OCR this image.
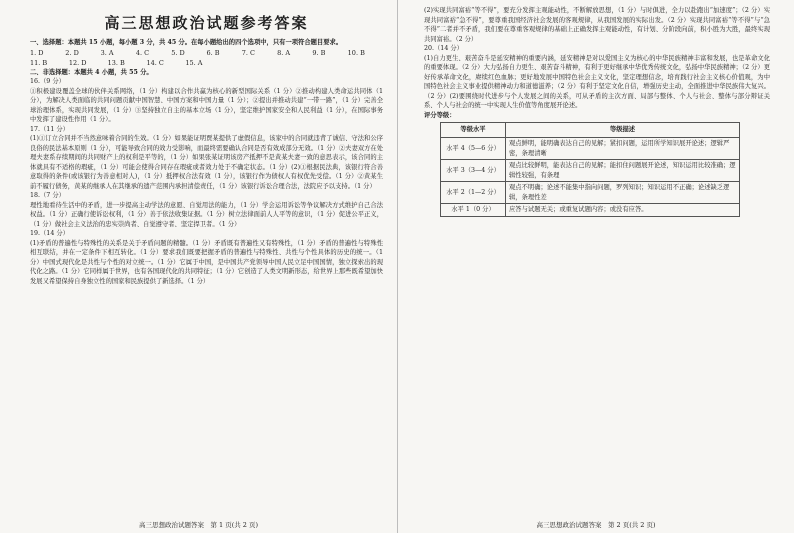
高三思想政治试题参考答案

一、选择题：本题共 15 小题，每小题 3 分，共 45 分。在每小题给出的四个选项中，只有一项符合题目要求。

1. D	2. D	3. A	4. C	5. D	6. B	7. C	8. A	9. B	10. B
11. B	12. D	13. B	14. C	15. A

二、非选择题：本题共 4 小题，共 55 分。

16.（9 分）

①积极建设覆盖全球的伙伴关系网络，（1 分）构建以合作共赢为核心的新型国际关系（1 分）②推动构建人类命运共同体（1 分），为解决人类面临的共同问题贡献中国智慧、中国方案和中国力量（1 分）；②提出并推动共建“一带一路”，（1 分）完善全球治理体系，实现共同发展，（1 分）③坚持独立自主的基本立场（1 分），坚定维护国家安全和人民利益（1 分），在国际事务中发挥了建设性作用（1 分）。

17.（11 分）

(1)①订立合同并不当然意味着合同的生效。（1 分）如果能证明贾某提供了虚假信息，该家中的合同就违背了诚信、守法和公序良俗的民法基本原则（1 分），可能导致合同的效力受影响，而最终需要确认合同是否有效成部分无效。（1 分）②夫妻双方在处理夫妻系存续期间的共同财产上的权利是平等的，（1 分）如果张某证明该房产抵押不是黄某夫妻一致的意思表示，该合同的主体就具有不适格的瑕疵，（1 分）可能会使得合同存在瑕疵或者效力处于不确定状态。（1 分）(2)①根据民法典，该银行符合善意取得的条件(或该银行为善意相对人)，（1 分）抵押权合法有效（1 分），该银行作为债权人有权优先受偿。（1 分）②黄某生前不履行债务，黄某的继承人在其继承的遗产范围内承担清偿责任，（1 分）该银行诉讼合理合法，法院应予以支持。（1 分）

18.（7 分）

理性地看待生活中的矛盾，进一步提高主动学法的意愿、自觉用法的能力，（1 分）学会运用诉讼等争议解决方式维护自己合法权益。（1 分）正确行使诉讼权利，（1 分）善于依法收集证据。（1 分）树立法律面前人人平等的意识，（1 分）促进公平正义，（1 分）做社会主义法治的忠实崇尚者、自觉遵守者、坚定捍卫者。（1 分）

19.（14 分）

(1)矛盾的普遍性与特殊性的关系是关于矛盾问题的精髓。（1 分）矛盾既有普遍性又有特殊性，（1 分）矛盾的普遍性与特殊性相互联结，并在一定条件下相互转化。（1 分）要求我们既要把握矛盾的普遍性与特殊性、共性与个性具体的历史的统一。（1 分）中国式现代化是共性与个性的对立统一。（1 分）它属于中国，是中国共产党领导中国人民立足中国国情，独立探索出的现代化之路。（1 分）它同样属于世界，也有各国现代化的共同特征；（1 分）它创造了人类文明新形态，给世界上那些既希望加快发展又希望保持自身独立性的国家和民族提供了新选择。（1 分）

高三思想政治试题答案　第 1 页(共 2 页)

(2)实现共同富裕“等不得”，要充分发挥主观能动性，不断解放思想，（1 分）与时俱进，全力以赴跑出“加速度”；（2 分）实现共同富裕“急不得”，要尊重我国经济社会发展的客观规律，从我国发展的实际出发。（2 分）实现共同富裕“等不得”与“急不得”二者并不矛盾，我们要在尊重客观规律的基础上正确发挥主观能动性，有计划、分阶段向前，积小胜为大胜，最终实现共同富裕。（2 分）

20.（14 分）

(1)自力更生、艰苦奋斗是延安精神的重要内涵，延安精神是对以爱国主义为核心的中华民族精神丰富和发展，也是革命文化的重要体现。（2 分）大力弘扬自力更生、艰苦奋斗精神，有利于更好继承中华优秀传统文化，弘扬中华民族精神；（2 分）更好传承革命文化，赓续红色血脉；更好地发展中国特色社会主义文化，坚定理想信念，培育践行社会主义核心价值观，为中国特色社会主义事业提供精神动力和道德滋养；（2 分）有利于坚定文化自信，增强历史主动，全面推进中华民族伟大复兴。（2 分）(2)要围绕时代进步与个人发展之间的关系，可从矛盾的主次方面、局部与整体、个人与社会、整体与部分辩证关系、个人与社会的统一中实现人生价值等角度展开论述。

评分等级：

等级水平	等级描述
水平 4（5—6 分）	观点鲜明，能明确表达自己的见解；紧扣问题，运用所学知识展开论述；逻辑严密，条理清晰
水平 3（3—4 分）	观点比较鲜明，能表达自己的见解；能扣住问题展开论述，知识运用比较准确；逻辑性较强，有条理
水平 2（1—2 分）	观点不明确；论述不能集中指向问题，罗列知识；知识运用不正确；论述缺乏逻辑，条理性差
水平 1（0 分）	应答与试题无关；或重复试题内容；或没有应答。
高三思想政治试题答案　第 2 页(共 2 页)
